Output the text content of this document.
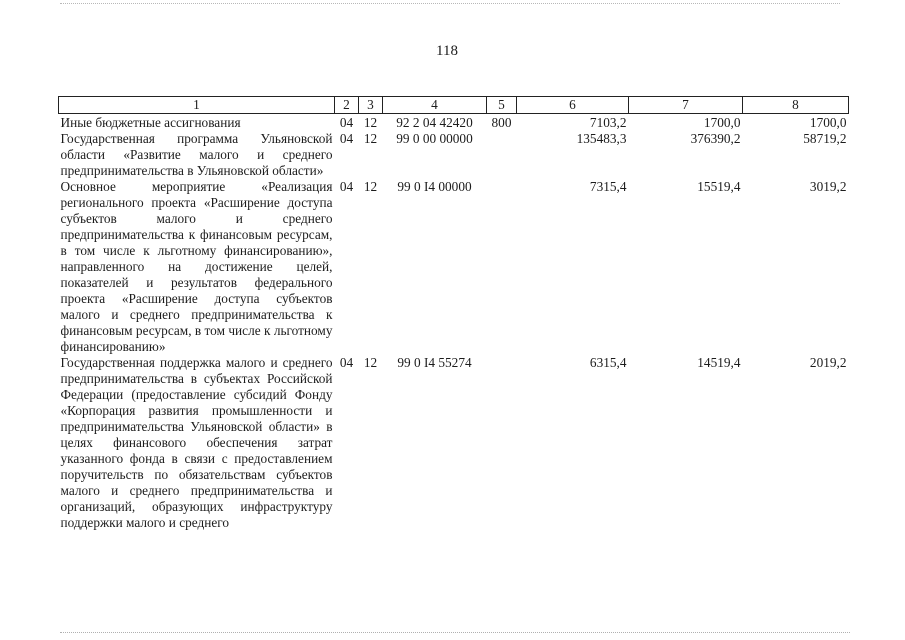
118
1	2	3	4	5	6	7	8
Иные бюджетные ассигнования	04	12	92 2 04 42420	800	7103,2	1700,0	1700,0
Государственная программа Ульяновской области «Развитие малого и среднего предпринимательства в Ульяновской области»	04	12	99 0 00 00000		135483,3	376390,2	58719,2
Основное мероприятие «Реализация регионального проекта «Расширение доступа субъектов малого и среднего предпринимательства к финансовым ресурсам, в том числе к льготному финансированию», направленного на достижение целей, показателей и результатов федерального проекта «Расширение доступа субъектов малого и среднего предпринимательства к финансовым ресурсам, в том числе к льготному финансированию»	04	12	99 0 I4 00000		7315,4	15519,4	3019,2
Государственная поддержка малого и среднего предпринимательства в субъектах Российской Федерации (предоставление субсидий Фонду «Корпорация развития промышленности и предпринимательства Ульяновской области» в целях финансового обеспечения затрат указанного фонда в связи с предоставлением поручительств по обязательствам субъектов малого и среднего предпринимательства и организаций, образующих инфраструктуру поддержки малого и среднего	04	12	99 0 I4 55274		6315,4	14519,4	2019,2
